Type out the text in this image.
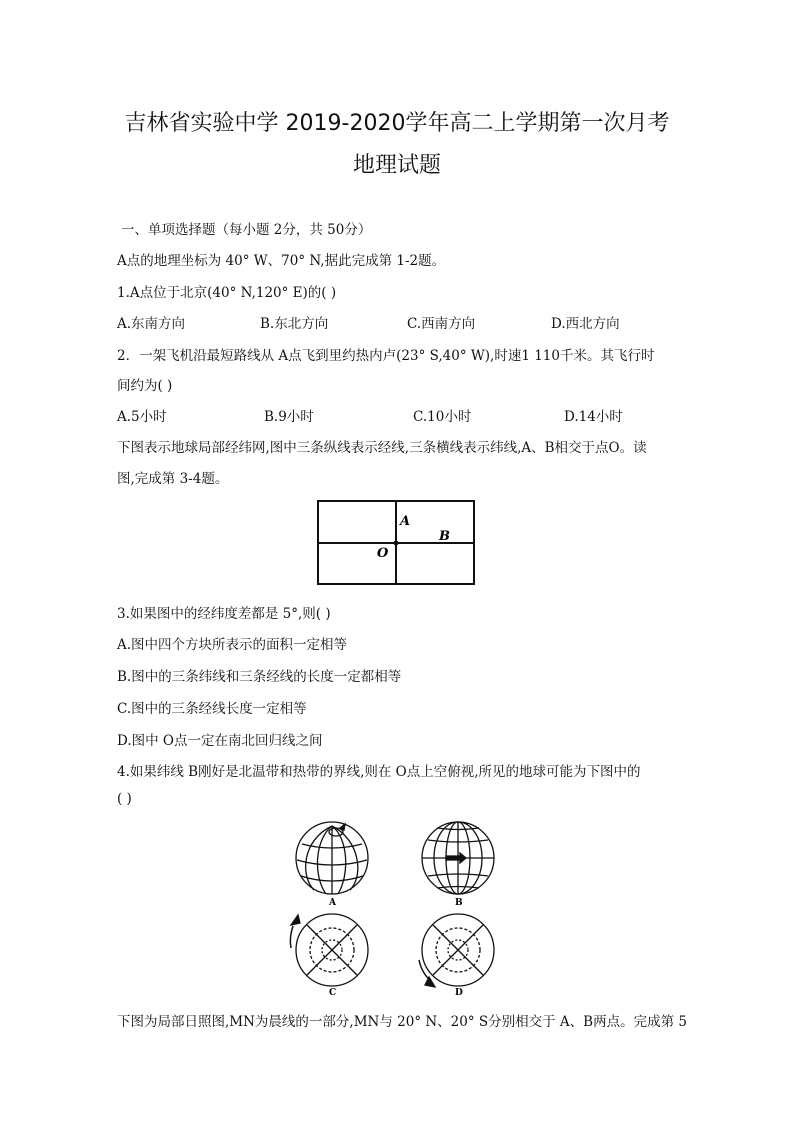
吉林省实验中学 2019-2020学年高二上学期第一次月考
地理试题
一、单项选择题（每小题 2分，共 50分）
A点的地理坐标为 40° W、70° N,据此完成第 1-2题。
1.A点位于北京(40° N,120° E)的( )
A.东南方向	B.东北方向	C.西南方向	D.西北方向
2．一架飞机沿最短路线从 A点飞到里约热内卢(23° S,40° W),时速1 110千米。其飞行时
间约为( )
A.5小时	B.9小时	C.10小时	D.14小时
下图表示地球局部经纬网,图中三条纵线表示经线,三条横线表示纬线,A、B相交于点O。读
图,完成第 3-4题。
A
B
O
3.如果图中的经纬度差都是 5°,则( )
A.图中四个方块所表示的面积一定相等
B.图中的三条纬线和三条经线的长度一定都相等
C.图中的三条经线长度一定相等
D.图中 O点一定在南北回归线之间
4.如果纬线 B刚好是北温带和热带的界线,则在 O点上空俯视,所见的地球可能为下图中的
( )
A	B
C	D
下图为局部日照图,MN为晨线的一部分,MN与 20° N、20° S分别相交于 A、B两点。完成第 5
